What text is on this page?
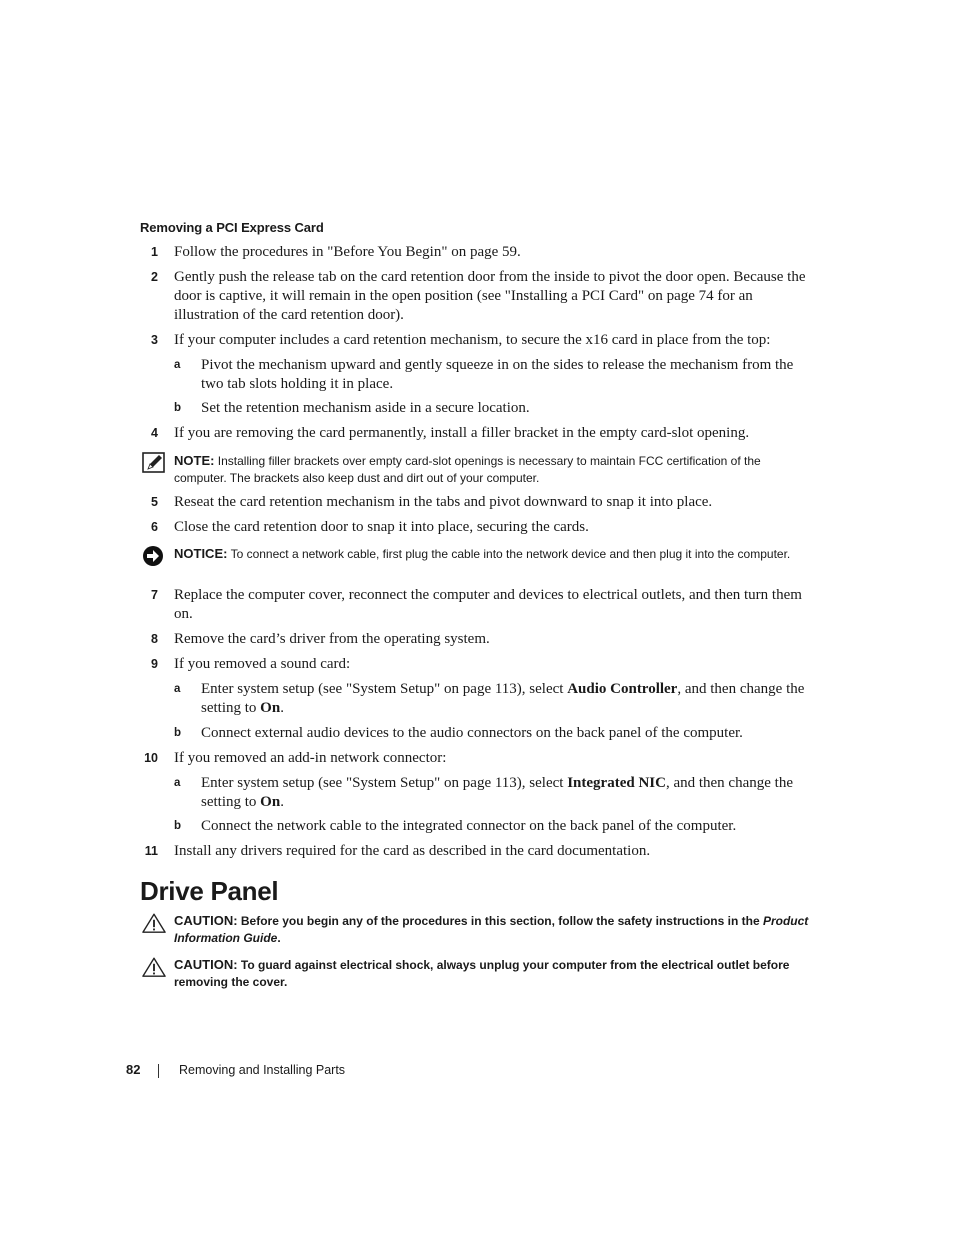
Removing a PCI Express Card
1 Follow the procedures in "Before You Begin" on page 59.
2 Gently push the release tab on the card retention door from the inside to pivot the door open. Because the door is captive, it will remain in the open position (see "Installing a PCI Card" on page 74 for an illustration of the card retention door).
3 If your computer includes a card retention mechanism, to secure the x16 card in place from the top:
a Pivot the mechanism upward and gently squeeze in on the sides to release the mechanism from the two tab slots holding it in place.
b Set the retention mechanism aside in a secure location.
4 If you are removing the card permanently, install a filler bracket in the empty card-slot opening.
NOTE: Installing filler brackets over empty card-slot openings is necessary to maintain FCC certification of the computer. The brackets also keep dust and dirt out of your computer.
5 Reseat the card retention mechanism in the tabs and pivot downward to snap it into place.
6 Close the card retention door to snap it into place, securing the cards.
NOTICE: To connect a network cable, first plug the cable into the network device and then plug it into the computer.
7 Replace the computer cover, reconnect the computer and devices to electrical outlets, and then turn them on.
8 Remove the card’s driver from the operating system.
9 If you removed a sound card:
a Enter system setup (see "System Setup" on page 113), select Audio Controller, and then change the setting to On.
b Connect external audio devices to the audio connectors on the back panel of the computer.
10 If you removed an add-in network connector:
a Enter system setup (see "System Setup" on page 113), select Integrated NIC, and then change the setting to On.
b Connect the network cable to the integrated connector on the back panel of the computer.
11 Install any drivers required for the card as described in the card documentation.
Drive Panel
CAUTION: Before you begin any of the procedures in this section, follow the safety instructions in the Product Information Guide.
CAUTION: To guard against electrical shock, always unplug your computer from the electrical outlet before removing the cover.
82	Removing and Installing Parts
